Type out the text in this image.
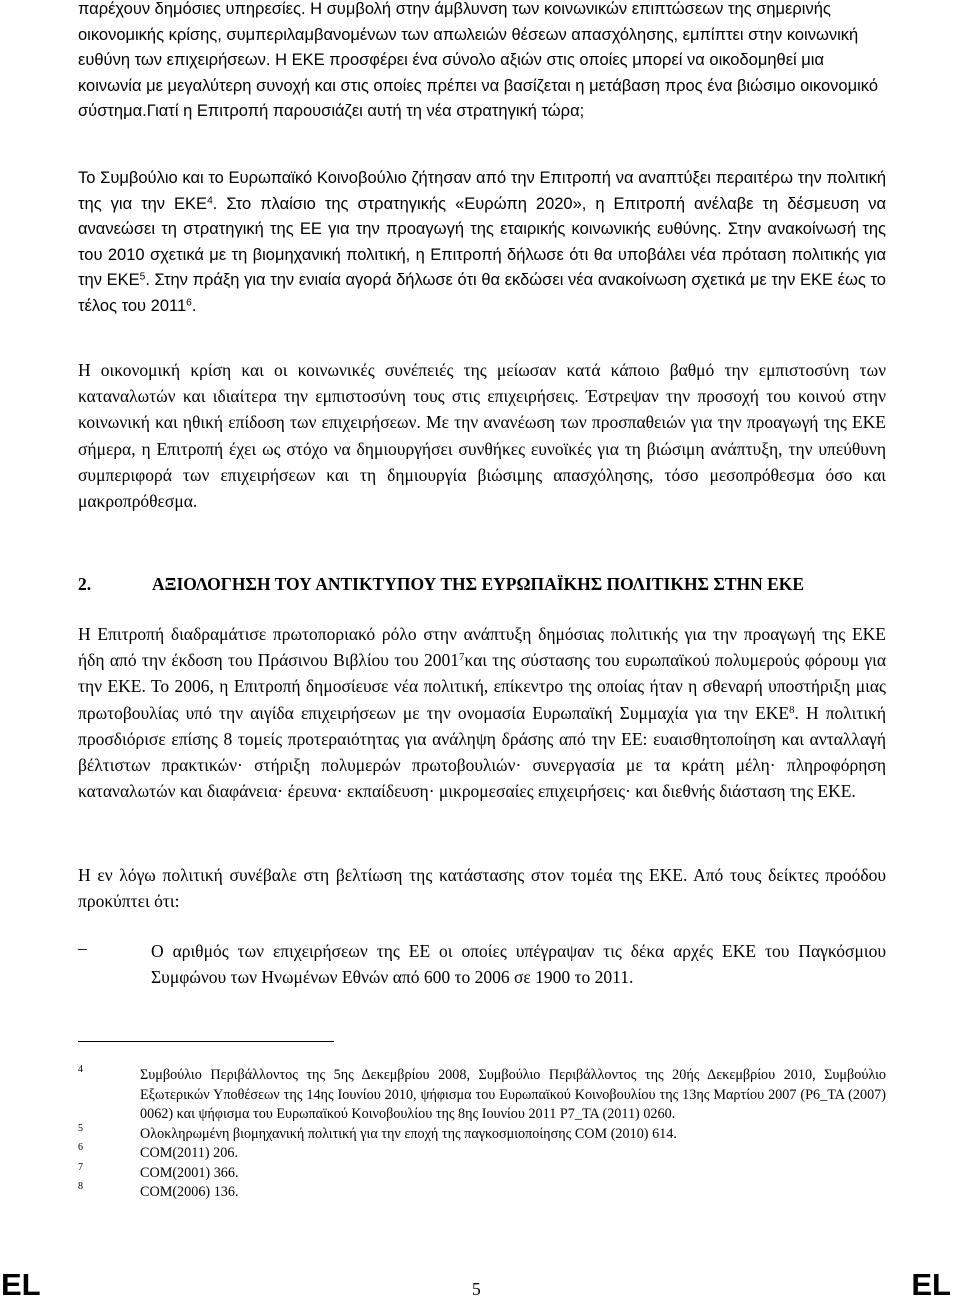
παρέχουν δημόσιες υπηρεσίες. Η συμβολή στην άμβλυνση των κοινωνικών επιπτώσεων της σημερινής οικονομικής κρίσης, συμπεριλαμβανομένων των απωλειών θέσεων απασχόλησης, εμπίπτει στην κοινωνική ευθύνη των επιχειρήσεων. Η ΕΚΕ προσφέρει ένα σύνολο αξιών στις οποίες μπορεί να οικοδομηθεί μια κοινωνία με μεγαλύτερη συνοχή και στις οποίες πρέπει να βασίζεται η μετάβαση προς ένα βιώσιμο οικονομικό σύστημα.Γιατί η Επιτροπή παρουσιάζει αυτή τη νέα στρατηγική τώρα;

Το Συμβούλιο και το Ευρωπαϊκό Κοινοβούλιο ζήτησαν από την Επιτροπή να αναπτύξει περαιτέρω την πολιτική της για την ΕΚΕ$^4$. Στο πλαίσιο της στρατηγικής «Ευρώπη 2020», η Επιτροπή ανέλαβε τη δέσμευση να ανανεώσει τη στρατηγική της ΕΕ για την προαγωγή της εταιρικής κοινωνικής ευθύνης. Στην ανακοίνωσή της του 2010 σχετικά με τη βιομηχανική πολιτική, η Επιτροπή δήλωσε ότι θα υποβάλει νέα πρόταση πολιτικής για την ΕΚΕ$^5$. Στην πράξη για την ενιαία αγορά δήλωσε ότι θα εκδώσει νέα ανακοίνωση σχετικά με την ΕΚΕ έως το τέλος του 2011$^6$.

Η οικονομική κρίση και οι κοινωνικές συνέπειές της μείωσαν κατά κάποιο βαθμό την εμπιστοσύνη των καταναλωτών και ιδιαίτερα την εμπιστοσύνη τους στις επιχειρήσεις. Έστρεψαν την προσοχή του κοινού στην κοινωνική και ηθική επίδοση των επιχειρήσεων. Με την ανανέωση των προσπαθειών για την προαγωγή της ΕΚΕ σήμερα, η Επιτροπή έχει ως στόχο να δημιουργήσει συνθήκες ευνοϊκές για τη βιώσιμη ανάπτυξη, την υπεύθυνη συμπεριφορά των επιχειρήσεων και τη δημιουργία βιώσιμης απασχόλησης, τόσο μεσοπρόθεσμα όσο και μακροπρόθεσμα.

2.	ΑΞΙΟΛΟΓΗΣΗ ΤΟΥ ΑΝΤΙΚΤΥΠΟΥ ΤΗΣ ΕΥΡΩΠΑΪΚΗΣ ΠΟΛΙΤΙΚΗΣ ΣΤΗΝ ΕΚΕ

Η Επιτροπή διαδραμάτισε πρωτοποριακό ρόλο στην ανάπτυξη δημόσιας πολιτικής για την προαγωγή της ΕΚΕ ήδη από την έκδοση του Πράσινου Βιβλίου του 2001$^7$και της σύστασης του ευρωπαϊκού πολυμερούς φόρουμ για την ΕΚΕ. Το 2006, η Επιτροπή δημοσίευσε νέα πολιτική, επίκεντρο της οποίας ήταν η σθεναρή υποστήριξη μιας πρωτοβουλίας υπό την αιγίδα επιχειρήσεων με την ονομασία Ευρωπαϊκή Συμμαχία για την ΕΚΕ$^8$. Η πολιτική προσδιόρισε επίσης 8 τομείς προτεραιότητας για ανάληψη δράσης από την ΕΕ: ευαισθητοποίηση και ανταλλαγή βέλτιστων πρακτικών· στήριξη πολυμερών πρωτοβουλιών· συνεργασία με τα κράτη μέλη· πληροφόρηση καταναλωτών και διαφάνεια· έρευνα· εκπαίδευση· μικρομεσαίες επιχειρήσεις· και διεθνής διάσταση της ΕΚΕ.

Η εν λόγω πολιτική συνέβαλε στη βελτίωση της κατάστασης στον τομέα της ΕΚΕ. Από τους δείκτες προόδου προκύπτει ότι:

–	Ο αριθμός των επιχειρήσεων της ΕΕ οι οποίες υπέγραψαν τις δέκα αρχές ΕΚΕ του Παγκόσμιου Συμφώνου των Ηνωμένων Εθνών από 600 το 2006 σε 1900 το 2011.

4	Συμβούλιο Περιβάλλοντος της 5ης Δεκεμβρίου 2008, Συμβούλιο Περιβάλλοντος της 20ής Δεκεμβρίου 2010, Συμβούλιο Εξωτερικών Υποθέσεων της 14ης Ιουνίου 2010, ψήφισμα του Ευρωπαϊκού Κοινοβουλίου της 13ης Μαρτίου 2007 (P6_TA (2007) 0062) και ψήφισμα του Ευρωπαϊκού Κοινοβουλίου της 8ης Ιουνίου 2011 P7_TA (2011) 0260.
5	Ολοκληρωμένη βιομηχανική πολιτική για την εποχή της παγκοσμιοποίησης COM (2010) 614.
6	COM(2011) 206.
7	COM(2001) 366.
8	COM(2006) 136.
EL	5	EL
